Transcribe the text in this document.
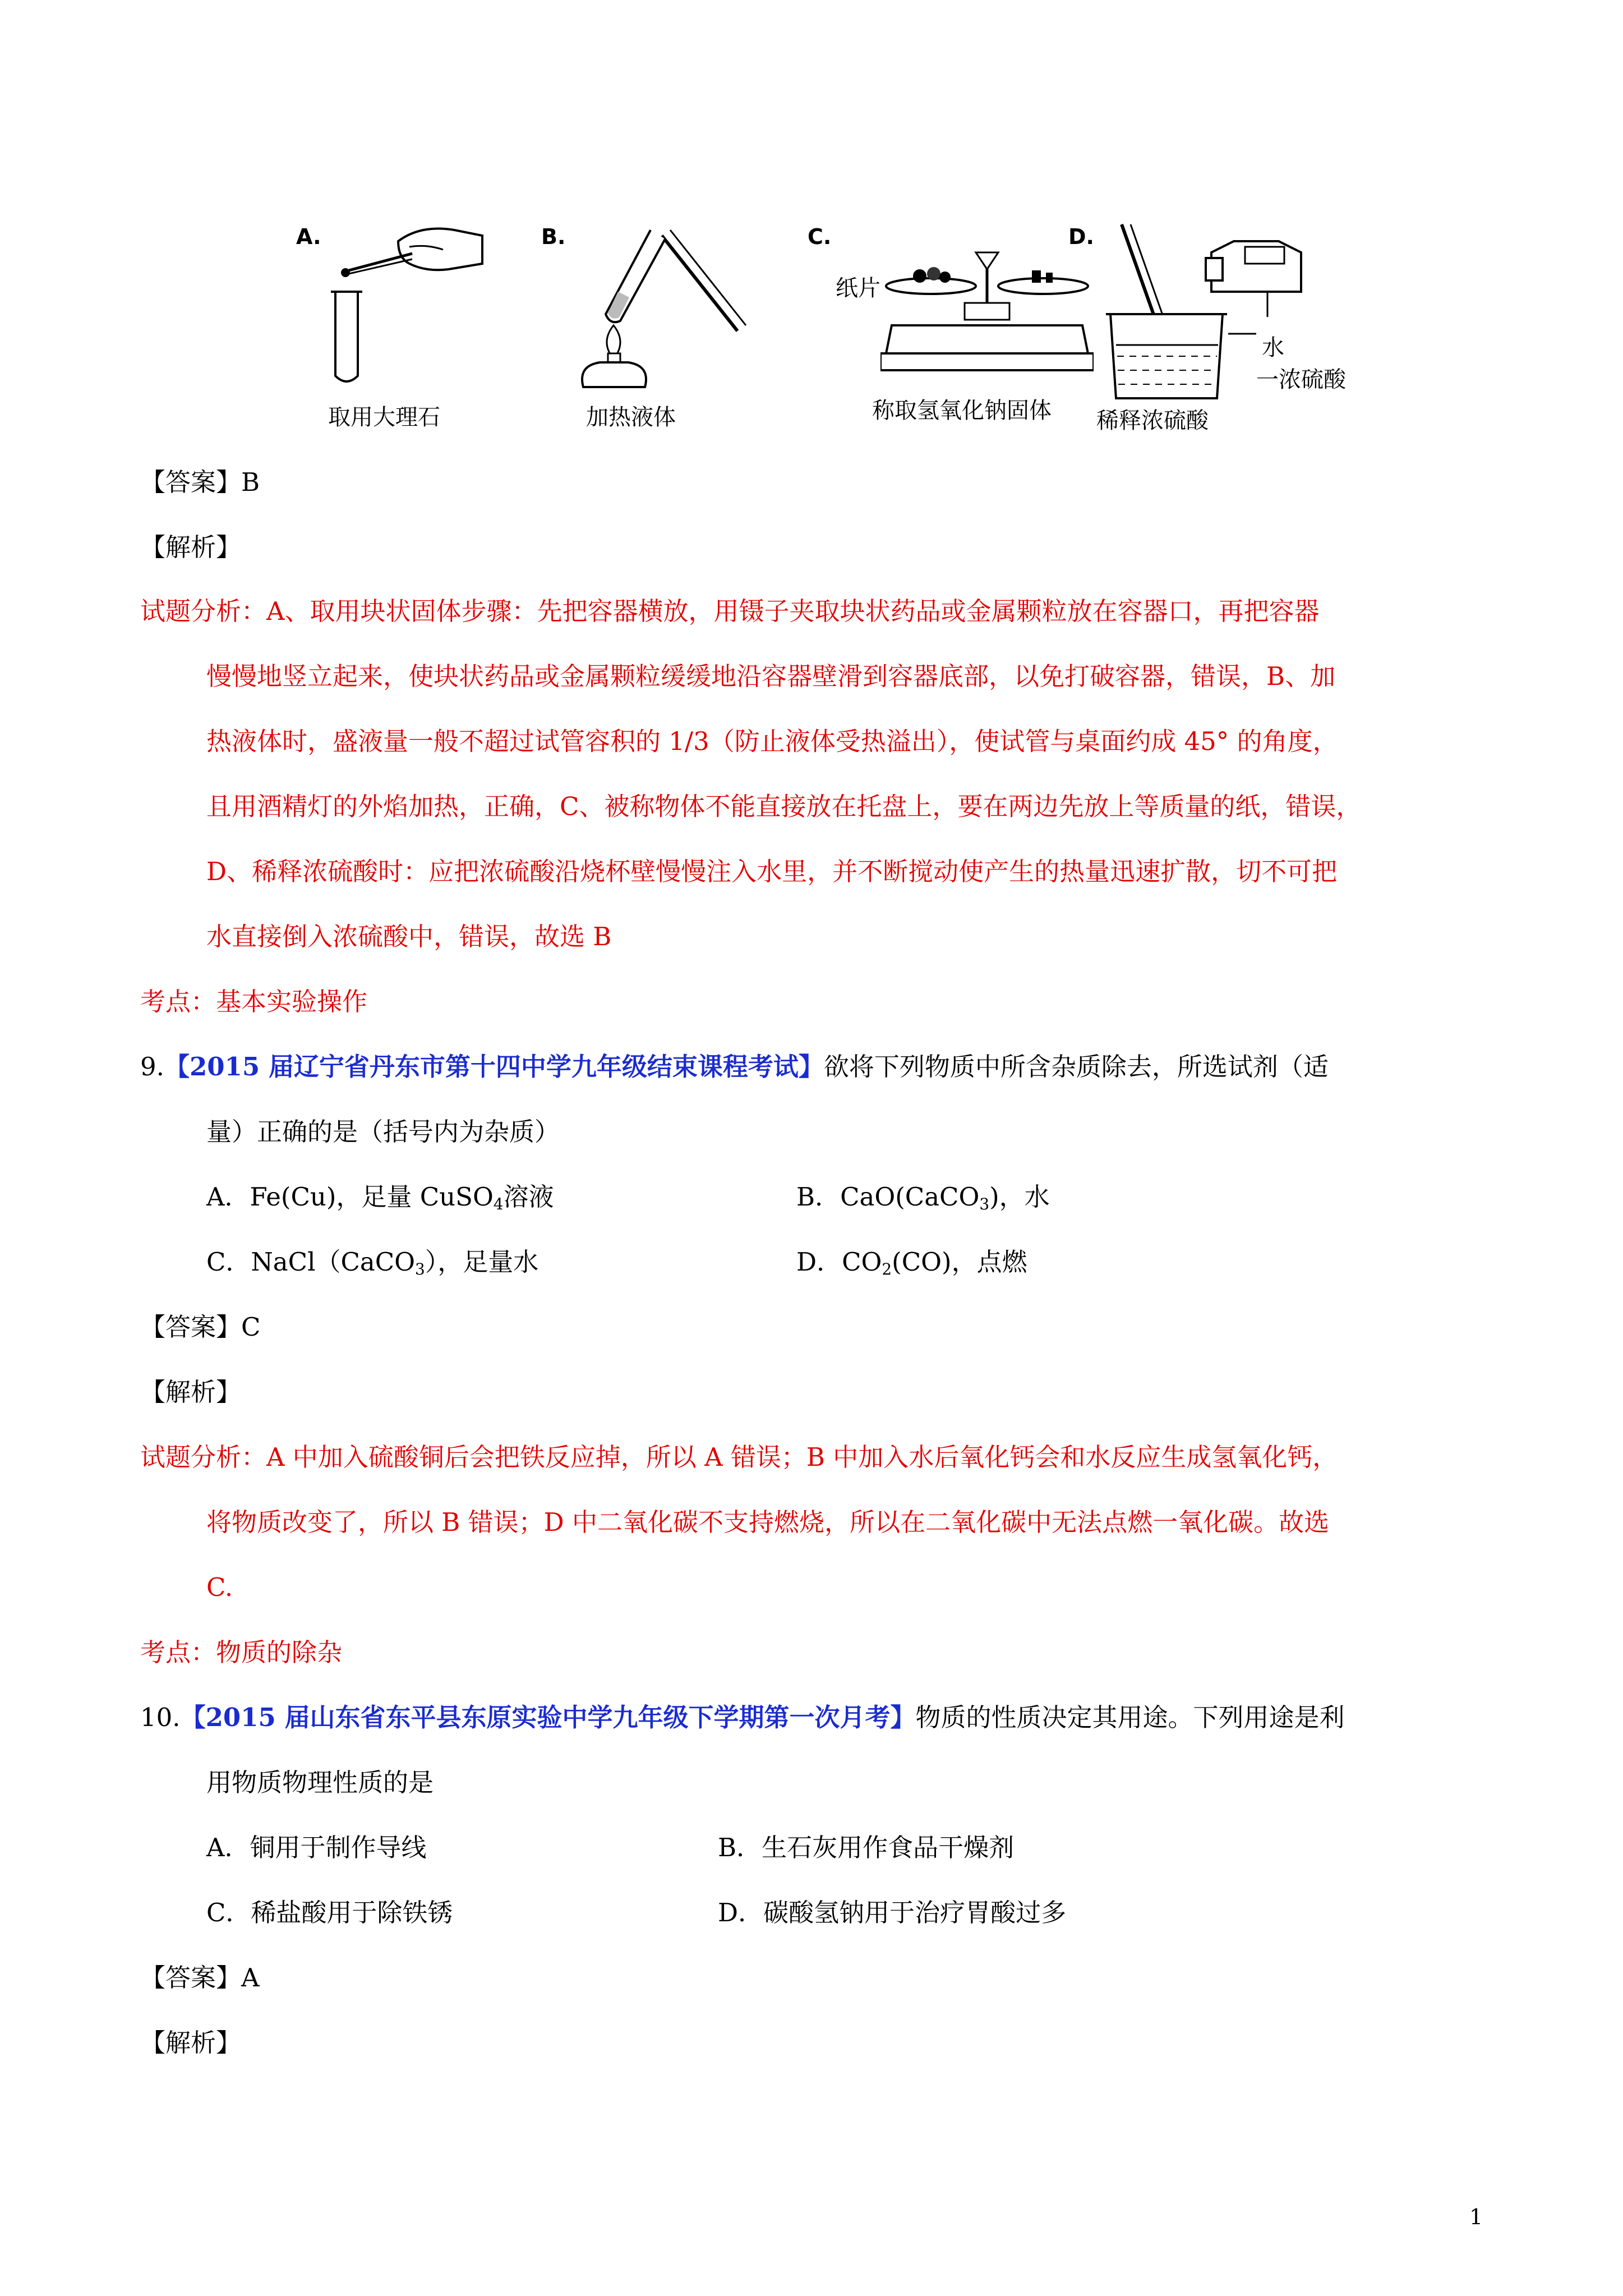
A.
取用大理石
B.
加热液体
C.
纸片
称取氢氧化钠固体
D.
水
一浓硫酸
稀释浓硫酸
【答案】B
【解析】
试题分析：A、取用块状固体步骤：先把容器横放，用镊子夹取块状药品或金属颗粒放在容器口，再把容器
慢慢地竖立起来，使块状药品或金属颗粒缓缓地沿容器壁滑到容器底部，以免打破容器，错误，B、加
热液体时，盛液量一般不超过试管容积的 1/3（防止液体受热溢出），使试管与桌面约成 45° 的角度，
且用酒精灯的外焰加热，正确，C、被称物体不能直接放在托盘上，要在两边先放上等质量的纸，错误，
D、稀释浓硫酸时：应把浓硫酸沿烧杯壁慢慢注入水里，并不断搅动使产生的热量迅速扩散，切不可把
水直接倒入浓硫酸中，错误，故选 B
考点：基本实验操作
9.【2015 届辽宁省丹东市第十四中学九年级结束课程考试】欲将下列物质中所含杂质除去，所选试剂（适
量）正确的是（括号内为杂质）
A．Fe(Cu)，足量 CuSO$_4$溶液	B．CaO(CaCO$_3$)，水
C．NaCl（CaCO$_3$），足量水	D．$CO_2(CO)$，点燃
【答案】C
【解析】
试题分析：A 中加入硫酸铜后会把铁反应掉，所以 A 错误；B 中加入水后氧化钙会和水反应生成氢氧化钙，
将物质改变了，所以 B 错误；D 中二氧化碳不支持燃烧，所以在二氧化碳中无法点燃一氧化碳。故选
C.
考点：物质的除杂
10.【2015 届山东省东平县东原实验中学九年级下学期第一次月考】物质的性质决定其用途。下列用途是利
用物质物理性质的是
A．铜用于制作导线	B．生石灰用作食品干燥剂
C．稀盐酸用于除铁锈	D．碳酸氢钠用于治疗胃酸过多
【答案】A
【解析】
1
